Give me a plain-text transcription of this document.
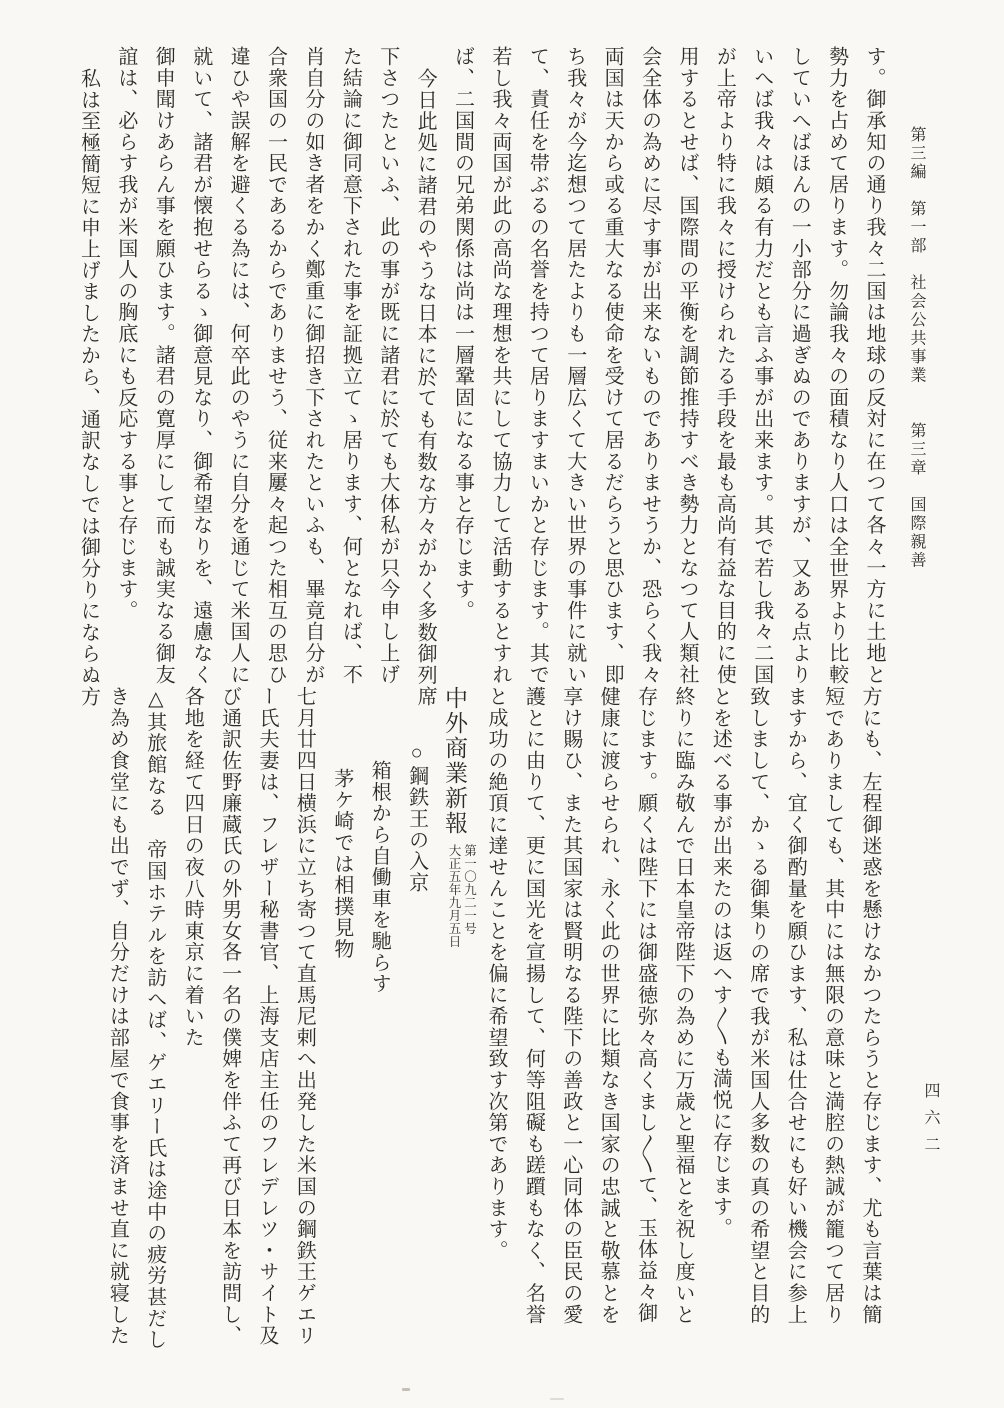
第三編　第一部　社会公共事業　　第三章　国際親善

す。御承知の通り我々二国は地球の反対に在つて各々一方に土地と

勢力を占めて居ります。勿論我々の面積なり人口は全世界より比較

していへばほんの一小部分に過ぎぬのでありますが、又ある点より

いへば我々は頗る有力だとも言ふ事が出来ます。其で若し我々二国

が上帝より特に我々に授けられたる手段を最も高尚有益な目的に使

用するとせば、国際間の平衡を調節推持すべき勢力となつて人類社

会全体の為めに尽す事が出来ないものでありませうか、恐らく我々

両国は天から或る重大なる使命を受けて居るだらうと思ひます、即

ち我々が今迄想つて居たよりも一層広くて大きい世界の事件に就い

て、責任を帯ぶるの名誉を持つて居りますまいかと存じます。其で

若し我々両国が此の高尚な理想を共にして協力して活動するとすれ

ば、二国間の兄弟関係は尚は一層鞏固になる事と存じます。

今日此処に諸君のやうな日本に於ても有数な方々がかく多数御列席

下さつたといふ、此の事が既に諸君に於ても大体私が只今申し上げ

た結論に御同意下された事を証拠立てゝ居ります、何となれば、不

肖自分の如き者をかく鄭重に御招き下されたといふも、畢竟自分が

合衆国の一民であるからでありませう、従来屢々起つた相互の思ひ

違ひや誤解を避くる為には、何卒此のやうに自分を通じて米国人に

就いて、諸君が懐抱せらるゝ御意見なり、御希望なりを、遠慮なく

御申聞けあらん事を願ひます。諸君の寛厚にして而も誠実なる御友

誼は、必らす我が米国人の胸底にも反応する事と存じます。

私は至極簡短に申上げましたから、通訳なしでは御分りにならぬ方

方にも、左程御迷惑を懸けなかつたらうと存じます、尤も言葉は簡

短でありましても、其中には無限の意味と満腔の熱誠が籠つて居り

ますから、宜く御酌量を願ひます、私は仕合せにも好い機会に参上

致しまして、かゝる御集りの席で我が米国人多数の真の希望と目的

とを述べる事が出来たのは返へす〱も満悦に存じます。

終りに臨み敬んで日本皇帝陛下の為めに万歳と聖福とを祝し度いと

存じます。願くは陛下には御盛徳弥々高くまし〱て、玉体益々御

健康に渡らせられ、永く此の世界に比類なき国家の忠誠と敬慕とを

享け賜ひ、また其国家は賢明なる陛下の善政と一心同体の臣民の愛

護とに由りて、更に国光を宣揚して、何等阻礙も蹉躓もなく、名誉

と成功の絶頂に達せんことを偏に希望致す次第であります。

中外商業新報
第一〇九二一号
大正五年九月五日

○鋼鉄王の入京

箱根から自働車を馳らす

茅ケ崎では相撲見物

七月廿四日横浜に立ち寄つて直馬尼剌へ出発した米国の鋼鉄王ゲエリ

ー氏夫妻は、フレザー秘書官、上海支店主任のフレデレツ・サイト及

び通訳佐野廉蔵氏の外男女各一名の僕婢を伴ふて再び日本を訪問し、

各地を経て四日の夜八時東京に着いた

△其旅館なる　帝国ホテルを訪へば、ゲエリー氏は途中の疲労甚だし

き為め食堂にも出でず、自分だけは部屋で食事を済ませ直に就寝した	四六二
